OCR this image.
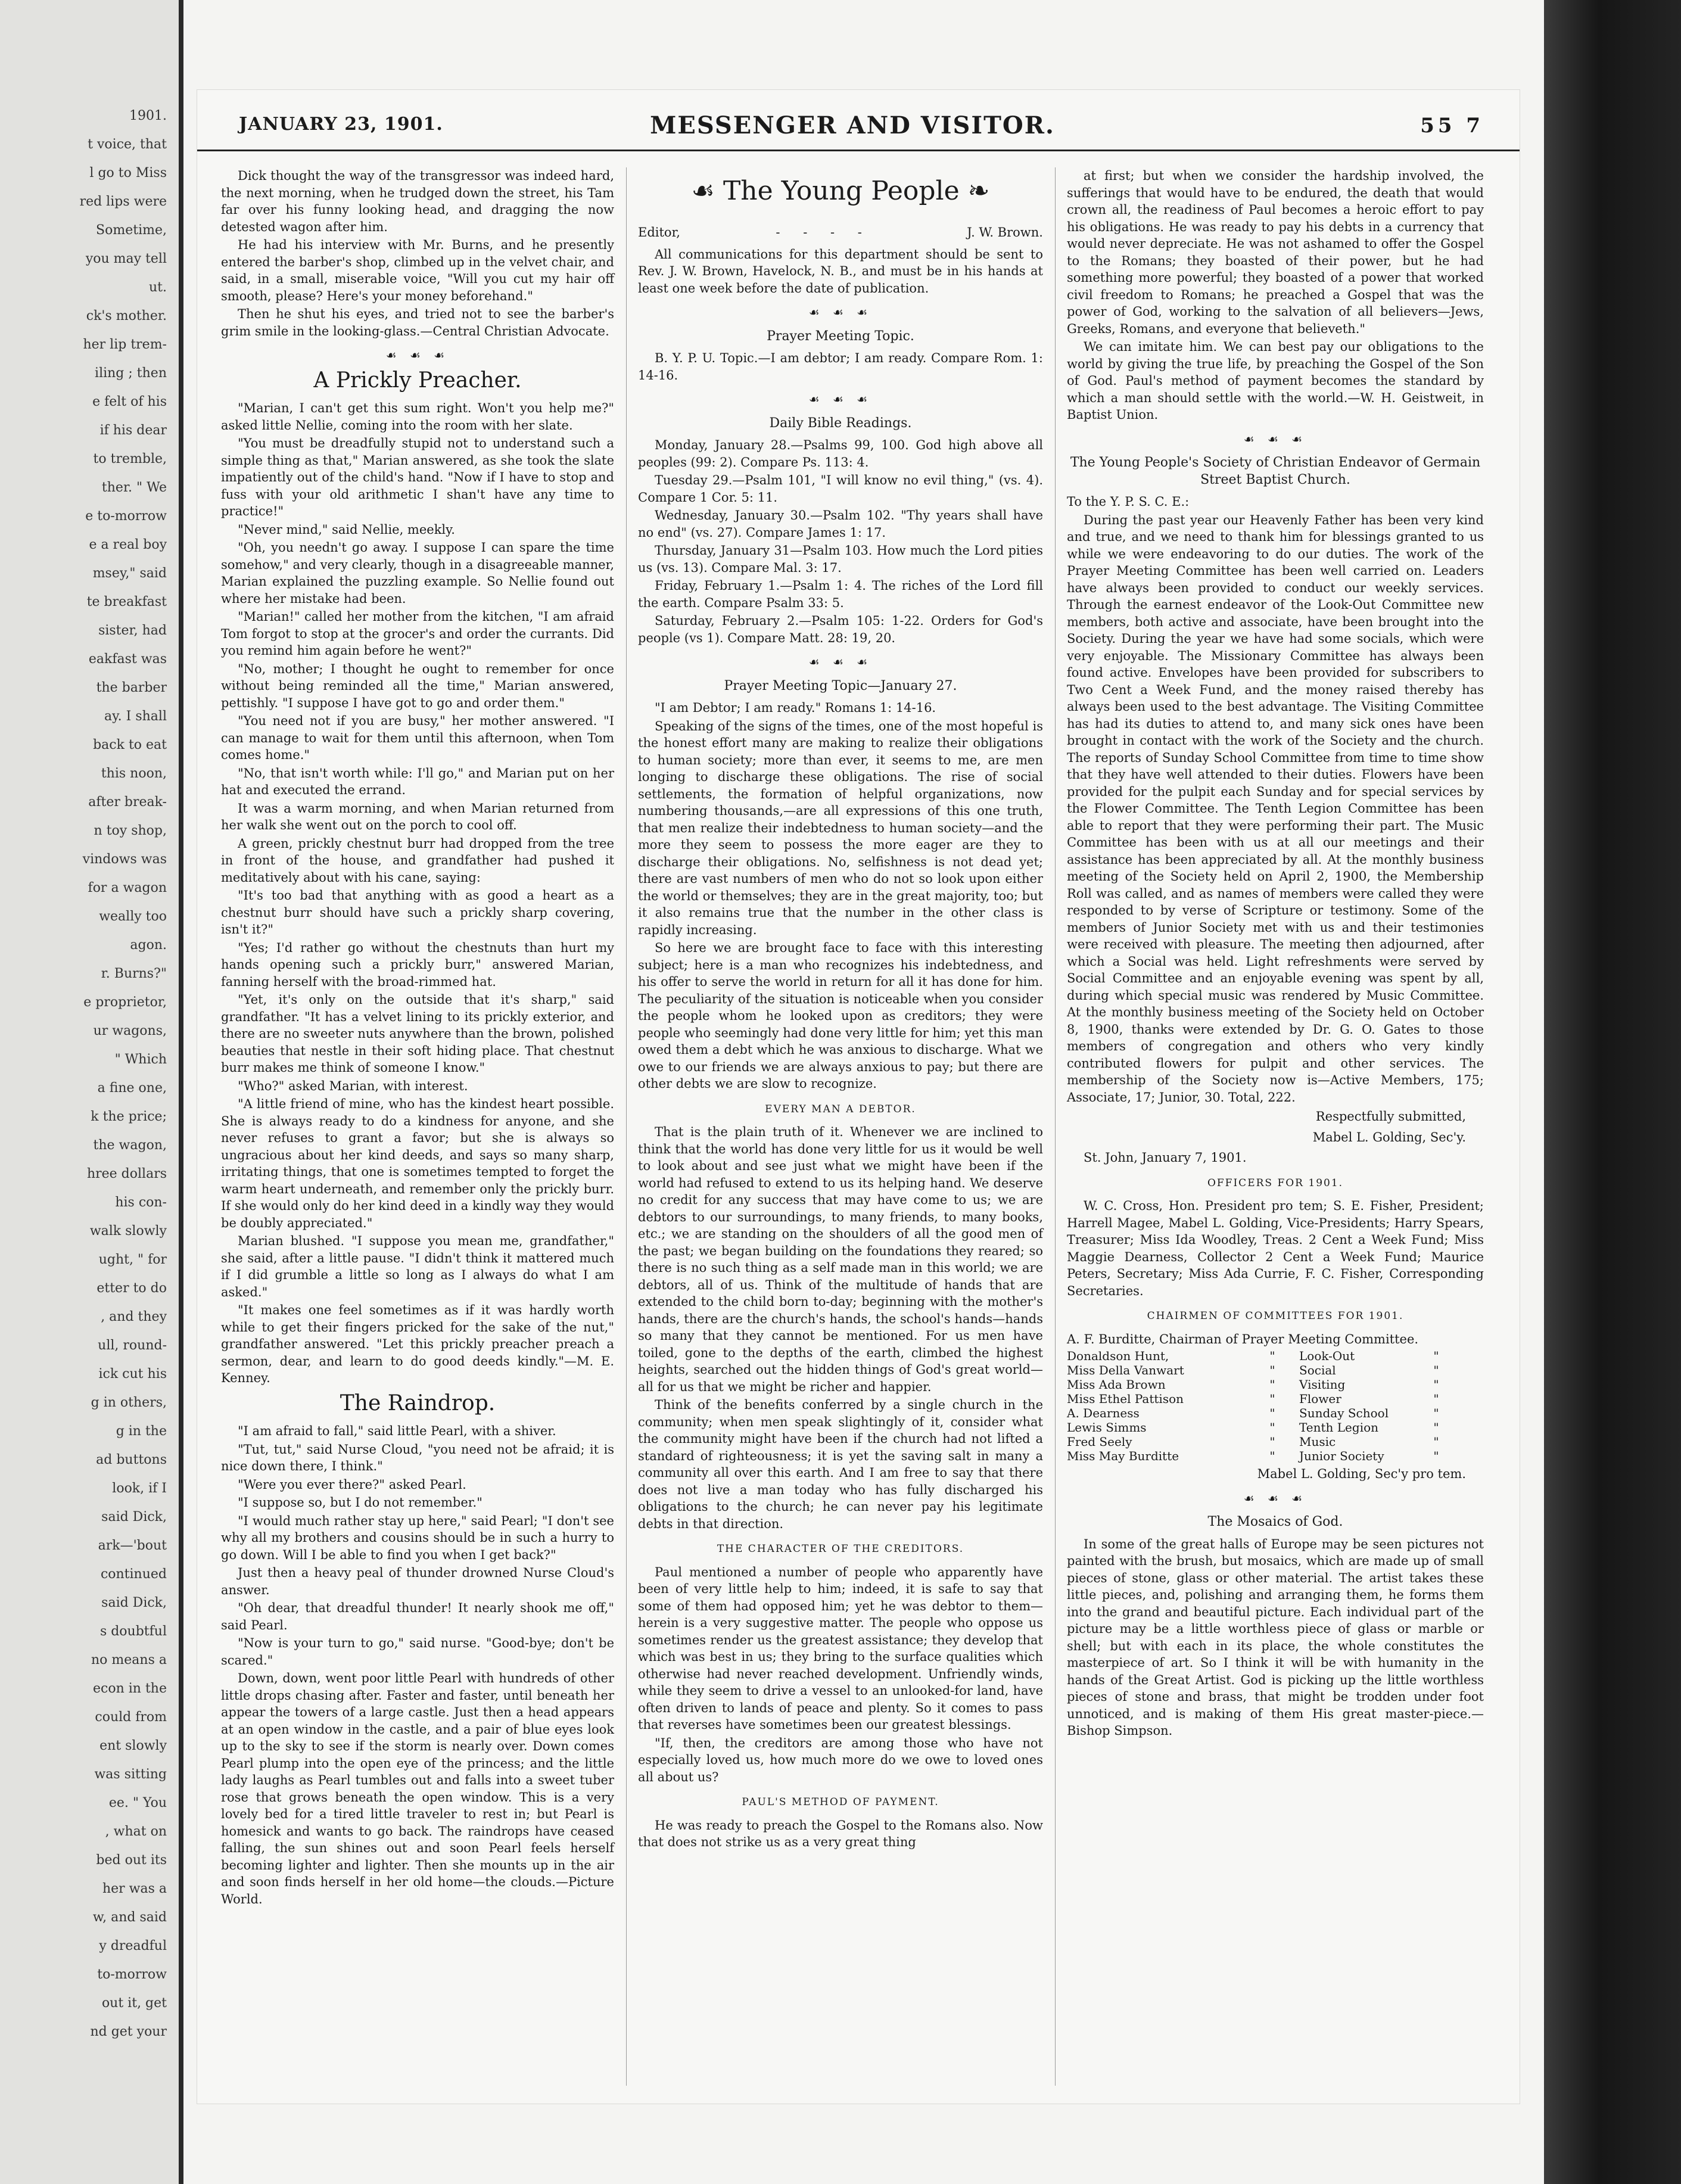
1901.
t voice, that
l go to Miss
red lips were
Sometime,
you may tell
ut.
ck's mother.
her lip trem-
iling ; then
e felt of his
if his dear
to tremble,
ther. " We
e to-morrow
e a real boy
msey," said
te breakfast
sister, had
eakfast was
the barber
ay. I shall
back to eat
this noon,
after break-
n toy shop,
vindows was
for a wagon
weally too
agon.
r. Burns?"
e proprietor,
ur wagons,
" Which
a fine one,
k the price;
the wagon,
hree dollars
his con-
walk slowly
ught, " for
etter to do
, and they
ull, round-
ick cut his
g in others,
g in the
ad buttons
look, if I
said Dick,
ark—'bout
continued
said Dick,
s doubtful
no means a
econ in the
could from
ent slowly
was sitting
ee. " You
, what on
bed out its
her was a
w, and said
y dreadful
to-morrow
out it, get
nd get your
JANUARY 23, 1901.	MESSENGER AND VISITOR.	55 7

Dick thought the way of the transgressor was indeed hard, the next morning, when he trudged down the street, his Tam far over his funny looking head, and dragging the now detested wagon after him.

He had his interview with Mr. Burns, and he presently entered the barber's shop, climbed up in the velvet chair, and said, in a small, miserable voice, "Will you cut my hair off smooth, please? Here's your money beforehand."

Then he shut his eyes, and tried not to see the barber's grim smile in the looking-glass.—Central Christian Advocate.

☙ ☙ ☙
A Prickly Preacher.

"Marian, I can't get this sum right. Won't you help me?" asked little Nellie, coming into the room with her slate.

"You must be dreadfully stupid not to understand such a simple thing as that," Marian answered, as she took the slate impatiently out of the child's hand. "Now if I have to stop and fuss with your old arithmetic I shan't have any time to practice!"

"Never mind," said Nellie, meekly.

"Oh, you needn't go away. I suppose I can spare the time somehow," and very clearly, though in a disagreeable manner, Marian explained the puzzling example. So Nellie found out where her mistake had been.

"Marian!" called her mother from the kitchen, "I am afraid Tom forgot to stop at the grocer's and order the currants. Did you remind him again before he went?"

"No, mother; I thought he ought to remember for once without being reminded all the time," Marian answered, pettishly. "I suppose I have got to go and order them."

"You need not if you are busy," her mother answered. "I can manage to wait for them until this afternoon, when Tom comes home."

"No, that isn't worth while: I'll go," and Marian put on her hat and executed the errand.

It was a warm morning, and when Marian returned from her walk she went out on the porch to cool off.

A green, prickly chestnut burr had dropped from the tree in front of the house, and grandfather had pushed it meditatively about with his cane, saying:

"It's too bad that anything with as good a heart as a chestnut burr should have such a prickly sharp covering, isn't it?"

"Yes; I'd rather go without the chestnuts than hurt my hands opening such a prickly burr," answered Marian, fanning herself with the broad-rimmed hat.

"Yet, it's only on the outside that it's sharp," said grandfather. "It has a velvet lining to its prickly exterior, and there are no sweeter nuts anywhere than the brown, polished beauties that nestle in their soft hiding place. That chestnut burr makes me think of someone I know."

"Who?" asked Marian, with interest.

"A little friend of mine, who has the kindest heart possible. She is always ready to do a kindness for anyone, and she never refuses to grant a favor; but she is always so ungracious about her kind deeds, and says so many sharp, irritating things, that one is sometimes tempted to forget the warm heart underneath, and remember only the prickly burr. If she would only do her kind deed in a kindly way they would be doubly appreciated."

Marian blushed. "I suppose you mean me, grandfather," she said, after a little pause. "I didn't think it mattered much if I did grumble a little so long as I always do what I am asked."

"It makes one feel sometimes as if it was hardly worth while to get their fingers pricked for the sake of the nut," grandfather answered. "Let this prickly preacher preach a sermon, dear, and learn to do good deeds kindly."—M. E. Kenney.

The Raindrop.

"I am afraid to fall," said little Pearl, with a shiver.

"Tut, tut," said Nurse Cloud, "you need not be afraid; it is nice down there, I think."

"Were you ever there?" asked Pearl.

"I suppose so, but I do not remember."

"I would much rather stay up here," said Pearl; "I don't see why all my brothers and cousins should be in such a hurry to go down. Will I be able to find you when I get back?"

Just then a heavy peal of thunder drowned Nurse Cloud's answer.

"Oh dear, that dreadful thunder! It nearly shook me off," said Pearl.

"Now is your turn to go," said nurse. "Good-bye; don't be scared."

Down, down, went poor little Pearl with hundreds of other little drops chasing after. Faster and faster, until beneath her appear the towers of a large castle. Just then a head appears at an open window in the castle, and a pair of blue eyes look up to the sky to see if the storm is nearly over. Down comes Pearl plump into the open eye of the princess; and the little lady laughs as Pearl tumbles out and falls into a sweet tuber rose that grows beneath the open window. This is a very lovely bed for a tired little traveler to rest in; but Pearl is homesick and wants to go back. The raindrops have ceased falling, the sun shines out and soon Pearl feels herself becoming lighter and lighter. Then she mounts up in the air and soon finds herself in her old home—the clouds.—Picture World.

☙ The Young People ❧
Editor,	- - - -	J. W. Brown.

All communications for this department should be sent to Rev. J. W. Brown, Havelock, N. B., and must be in his hands at least one week before the date of publication.

☙ ☙ ☙
Prayer Meeting Topic.

B. Y. P. U. Topic.—I am debtor; I am ready. Compare Rom. 1: 14-16.

☙ ☙ ☙
Daily Bible Readings.

Monday, January 28.—Psalms 99, 100. God high above all peoples (99: 2). Compare Ps. 113: 4.

Tuesday 29.—Psalm 101, "I will know no evil thing," (vs. 4). Compare 1 Cor. 5: 11.

Wednesday, January 30.—Psalm 102. "Thy years shall have no end" (vs. 27). Compare James 1: 17.

Thursday, January 31—Psalm 103. How much the Lord pities us (vs. 13). Compare Mal. 3: 17.

Friday, February 1.—Psalm 1: 4. The riches of the Lord fill the earth. Compare Psalm 33: 5.

Saturday, February 2.—Psalm 105: 1-22. Orders for God's people (vs 1). Compare Matt. 28: 19, 20.

☙ ☙ ☙
Prayer Meeting Topic—January 27.

"I am Debtor; I am ready." Romans 1: 14-16.

Speaking of the signs of the times, one of the most hopeful is the honest effort many are making to realize their obligations to human society; more than ever, it seems to me, are men longing to discharge these obligations. The rise of social settlements, the formation of helpful organizations, now numbering thousands,—are all expressions of this one truth, that men realize their indebtedness to human society—and the more they seem to possess the more eager are they to discharge their obligations. No, selfishness is not dead yet; there are vast numbers of men who do not so look upon either the world or themselves; they are in the great majority, too; but it also remains true that the number in the other class is rapidly increasing.

So here we are brought face to face with this interesting subject; here is a man who recognizes his indebtedness, and his offer to serve the world in return for all it has done for him. The peculiarity of the situation is noticeable when you consider the people whom he looked upon as creditors; they were people who seemingly had done very little for him; yet this man owed them a debt which he was anxious to discharge. What we owe to our friends we are always anxious to pay; but there are other debts we are slow to recognize.

EVERY MAN A DEBTOR.

That is the plain truth of it. Whenever we are inclined to think that the world has done very little for us it would be well to look about and see just what we might have been if the world had refused to extend to us its helping hand. We deserve no credit for any success that may have come to us; we are debtors to our surroundings, to many friends, to many books, etc.; we are standing on the shoulders of all the good men of the past; we began building on the foundations they reared; so there is no such thing as a self made man in this world; we are debtors, all of us. Think of the multitude of hands that are extended to the child born to-day; beginning with the mother's hands, there are the church's hands, the school's hands—hands so many that they cannot be mentioned. For us men have toiled, gone to the depths of the earth, climbed the highest heights, searched out the hidden things of God's great world—all for us that we might be richer and happier.

Think of the benefits conferred by a single church in the community; when men speak slightingly of it, consider what the community might have been if the church had not lifted a standard of righteousness; it is yet the saving salt in many a community all over this earth. And I am free to say that there does not live a man today who has fully discharged his obligations to the church; he can never pay his legitimate debts in that direction.

THE CHARACTER OF THE CREDITORS.

Paul mentioned a number of people who apparently have been of very little help to him; indeed, it is safe to say that some of them had opposed him; yet he was debtor to them—herein is a very suggestive matter. The people who oppose us sometimes render us the greatest assistance; they develop that which was best in us; they bring to the surface qualities which otherwise had never reached development. Unfriendly winds, while they seem to drive a vessel to an unlooked-for land, have often driven to lands of peace and plenty. So it comes to pass that reverses have sometimes been our greatest blessings.

"If, then, the creditors are among those who have not especially loved us, how much more do we owe to loved ones all about us?

PAUL'S METHOD OF PAYMENT.

He was ready to preach the Gospel to the Romans also. Now that does not strike us as a very great thing

at first; but when we consider the hardship involved, the sufferings that would have to be endured, the death that would crown all, the readiness of Paul becomes a heroic effort to pay his obligations. He was ready to pay his debts in a currency that would never depreciate. He was not ashamed to offer the Gospel to the Romans; they boasted of their power, but he had something more powerful; they boasted of a power that worked civil freedom to Romans; he preached a Gospel that was the power of God, working to the salvation of all believers—Jews, Greeks, Romans, and everyone that believeth."

We can imitate him. We can best pay our obligations to the world by giving the true life, by preaching the Gospel of the Son of God. Paul's method of payment becomes the standard by which a man should settle with the world.—W. H. Geistweit, in Baptist Union.

☙ ☙ ☙
The Young People's Society of Christian Endeavor of Germain Street Baptist Church.

To the Y. P. S. C. E.:

During the past year our Heavenly Father has been very kind and true, and we need to thank him for blessings granted to us while we were endeavoring to do our duties. The work of the Prayer Meeting Committee has been well carried on. Leaders have always been provided to conduct our weekly services. Through the earnest endeavor of the Look-Out Committee new members, both active and associate, have been brought into the Society. During the year we have had some socials, which were very enjoyable. The Missionary Committee has always been found active. Envelopes have been provided for subscribers to Two Cent a Week Fund, and the money raised thereby has always been used to the best advantage. The Visiting Committee has had its duties to attend to, and many sick ones have been brought in contact with the work of the Society and the church. The reports of Sunday School Committee from time to time show that they have well attended to their duties. Flowers have been provided for the pulpit each Sunday and for special services by the Flower Committee. The Tenth Legion Committee has been able to report that they were performing their part. The Music Committee has been with us at all our meetings and their assistance has been appreciated by all. At the monthly business meeting of the Society held on April 2, 1900, the Membership Roll was called, and as names of members were called they were responded to by verse of Scripture or testimony. Some of the members of Junior Society met with us and their testimonies were received with pleasure. The meeting then adjourned, after which a Social was held. Light refreshments were served by Social Committee and an enjoyable evening was spent by all, during which special music was rendered by Music Committee. At the monthly business meeting of the Society held on October 8, 1900, thanks were extended by Dr. G. O. Gates to those members of congregation and others who very kindly contributed flowers for pulpit and other services. The membership of the Society now is—Active Members, 175; Associate, 17; Junior, 30. Total, 222.

Respectfully submitted,

Mabel L. Golding, Sec'y.

St. John, January 7, 1901.

OFFICERS FOR 1901.

W. C. Cross, Hon. President pro tem; S. E. Fisher, President; Harrell Magee, Mabel L. Golding, Vice-Presidents; Harry Spears, Treasurer; Miss Ida Woodley, Treas. 2 Cent a Week Fund; Miss Maggie Dearness, Collector 2 Cent a Week Fund; Maurice Peters, Secretary; Miss Ada Currie, F. C. Fisher, Corresponding Secretaries.

CHAIRMEN OF COMMITTEES FOR 1901.

A. F. Burditte, Chairman of Prayer Meeting Committee.

Donaldson Hunt,	"	Look-Out	"
Miss Della Vanwart	"	Social	"
Miss Ada Brown	"	Visiting	"
Miss Ethel Pattison	"	Flower	"
A. Dearness	"	Sunday School	"
Lewis Simms	"	Tenth Legion	"
Fred Seely	"	Music	"
Miss May Burditte	"	Junior Society	"

Mabel L. Golding, Sec'y pro tem.

☙ ☙ ☙
The Mosaics of God.

In some of the great halls of Europe may be seen pictures not painted with the brush, but mosaics, which are made up of small pieces of stone, glass or other material. The artist takes these little pieces, and, polishing and arranging them, he forms them into the grand and beautiful picture. Each individual part of the picture may be a little worthless piece of glass or marble or shell; but with each in its place, the whole constitutes the masterpiece of art. So I think it will be with humanity in the hands of the Great Artist. God is picking up the little worthless pieces of stone and brass, that might be trodden under foot unnoticed, and is making of them His great master-piece.—Bishop Simpson.
